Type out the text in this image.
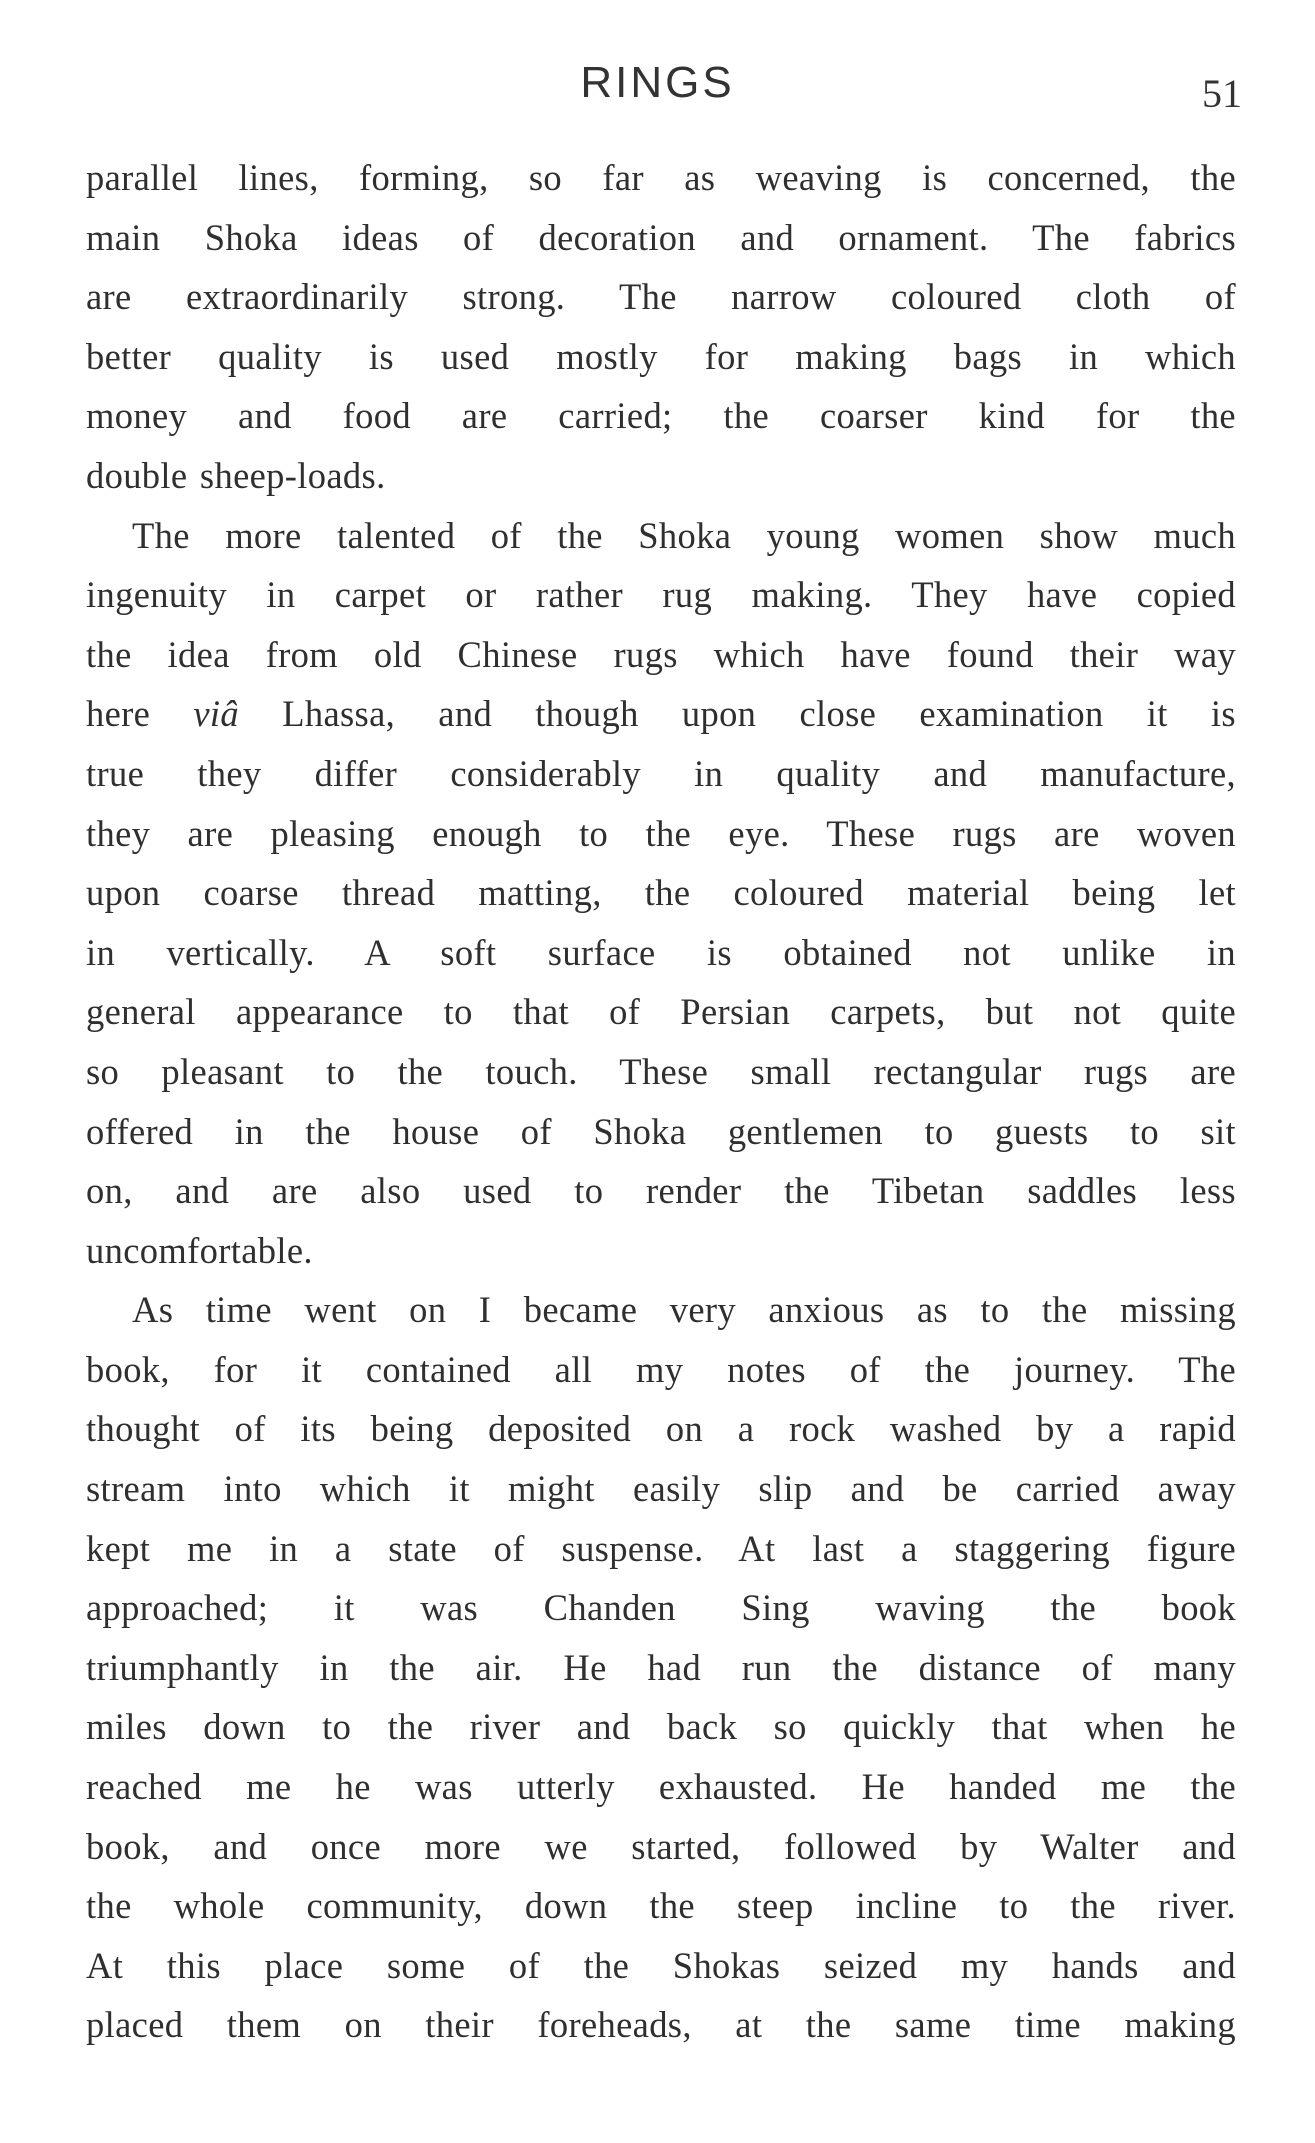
RINGS	51
parallel lines, forming, so far as weaving is concerned, the
main Shoka ideas of decoration and ornament. The fabrics
are extraordinarily strong. The narrow coloured cloth of
better quality is used mostly for making bags in which
money and food are carried; the coarser kind for the
double sheep-loads.
The more talented of the Shoka young women show much
ingenuity in carpet or rather rug making. They have copied
the idea from old Chinese rugs which have found their way
here viâ Lhassa, and though upon close examination it is
true they differ considerably in quality and manufacture,
they are pleasing enough to the eye. These rugs are woven
upon coarse thread matting, the coloured material being let
in vertically. A soft surface is obtained not unlike in
general appearance to that of Persian carpets, but not quite
so pleasant to the touch. These small rectangular rugs are
offered in the house of Shoka gentlemen to guests to sit
on, and are also used to render the Tibetan saddles less
uncomfortable.
As time went on I became very anxious as to the missing
book, for it contained all my notes of the journey. The
thought of its being deposited on a rock washed by a rapid
stream into which it might easily slip and be carried away
kept me in a state of suspense. At last a staggering figure
approached; it was Chanden Sing waving the book
triumphantly in the air. He had run the distance of many
miles down to the river and back so quickly that when he
reached me he was utterly exhausted. He handed me the
book, and once more we started, followed by Walter and
the whole community, down the steep incline to the river.
At this place some of the Shokas seized my hands and
placed them on their foreheads, at the same time making
